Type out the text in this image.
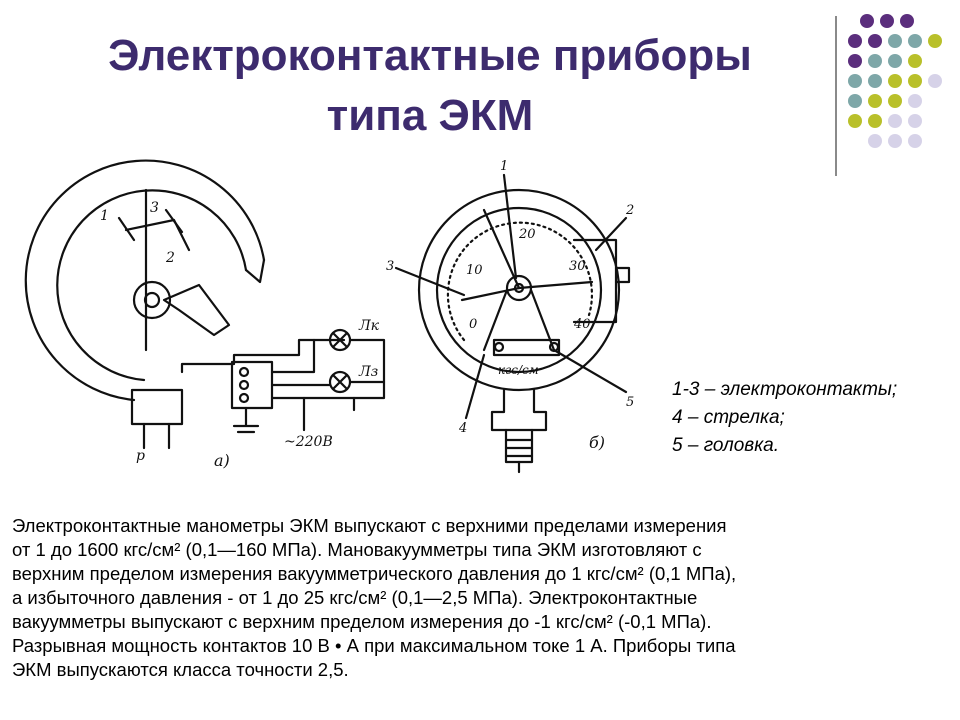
Электроконтактные приборы
типа ЭКМ
1	3
2
Лк
Лз
~220В
р	а)
1
2
3
4
5
0
10
20
30
40
кгс/см
б)
1-3 – электроконтакты;
4 – стрелка;
5 – головка.
Электроконтактные манометры ЭКМ выпускают с верхними пределами измерения
от 1 до 1600 кгс/см² (0,1—160 МПа). Мановакуумметры типа ЭКМ изготовляют с
верхним пределом измерения вакуумметрического давления до 1 кгс/см² (0,1 МПа),
а избыточного давления - от 1 до 25 кгс/см² (0,1—2,5 МПа). Электроконтактные
вакуумметры выпускают с верхним пределом измерения до -1 кгс/см² (-0,1 МПа).
Разрывная мощность контактов 10 В • А при максимальном токе 1 А. Приборы типа
ЭКМ выпускаются класса точности 2,5.
